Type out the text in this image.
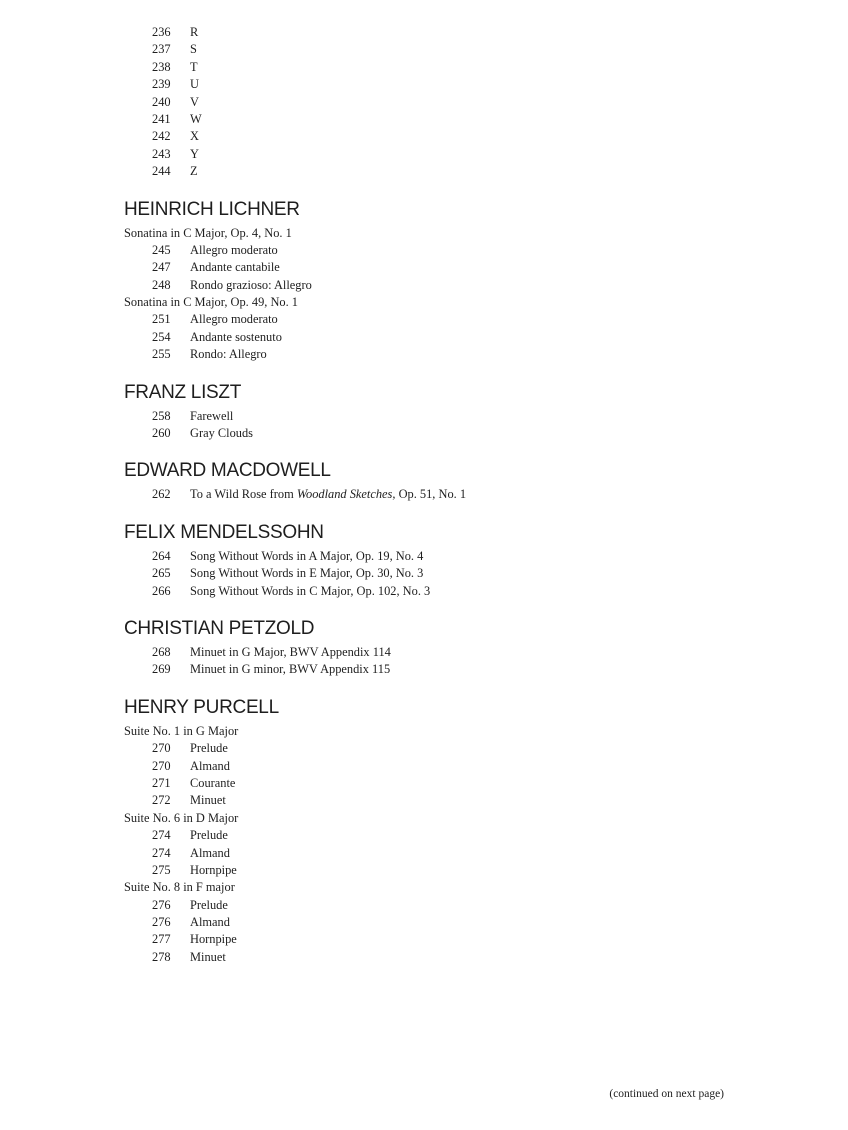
236 R
237 S
238 T
239 U
240 V
241 W
242 X
243 Y
244 Z
HEINRICH LICHNER
Sonatina in C Major, Op. 4, No. 1
245 Allegro moderato
247 Andante cantabile
248 Rondo grazioso: Allegro
Sonatina in C Major, Op. 49, No. 1
251 Allegro moderato
254 Andante sostenuto
255 Rondo: Allegro
FRANZ LISZT
258 Farewell
260 Gray Clouds
EDWARD MACDOWELL
262 To a Wild Rose from Woodland Sketches, Op. 51, No. 1
FELIX MENDELSSOHN
264 Song Without Words in A Major, Op. 19, No. 4
265 Song Without Words in E Major, Op. 30, No. 3
266 Song Without Words in C Major, Op. 102, No. 3
CHRISTIAN PETZOLD
268 Minuet in G Major, BWV Appendix 114
269 Minuet in G minor, BWV Appendix 115
HENRY PURCELL
Suite No. 1 in G Major
270 Prelude
270 Almand
271 Courante
272 Minuet
Suite No. 6 in D Major
274 Prelude
274 Almand
275 Hornpipe
Suite No. 8 in F major
276 Prelude
276 Almand
277 Hornpipe
278 Minuet
(continued on next page)
